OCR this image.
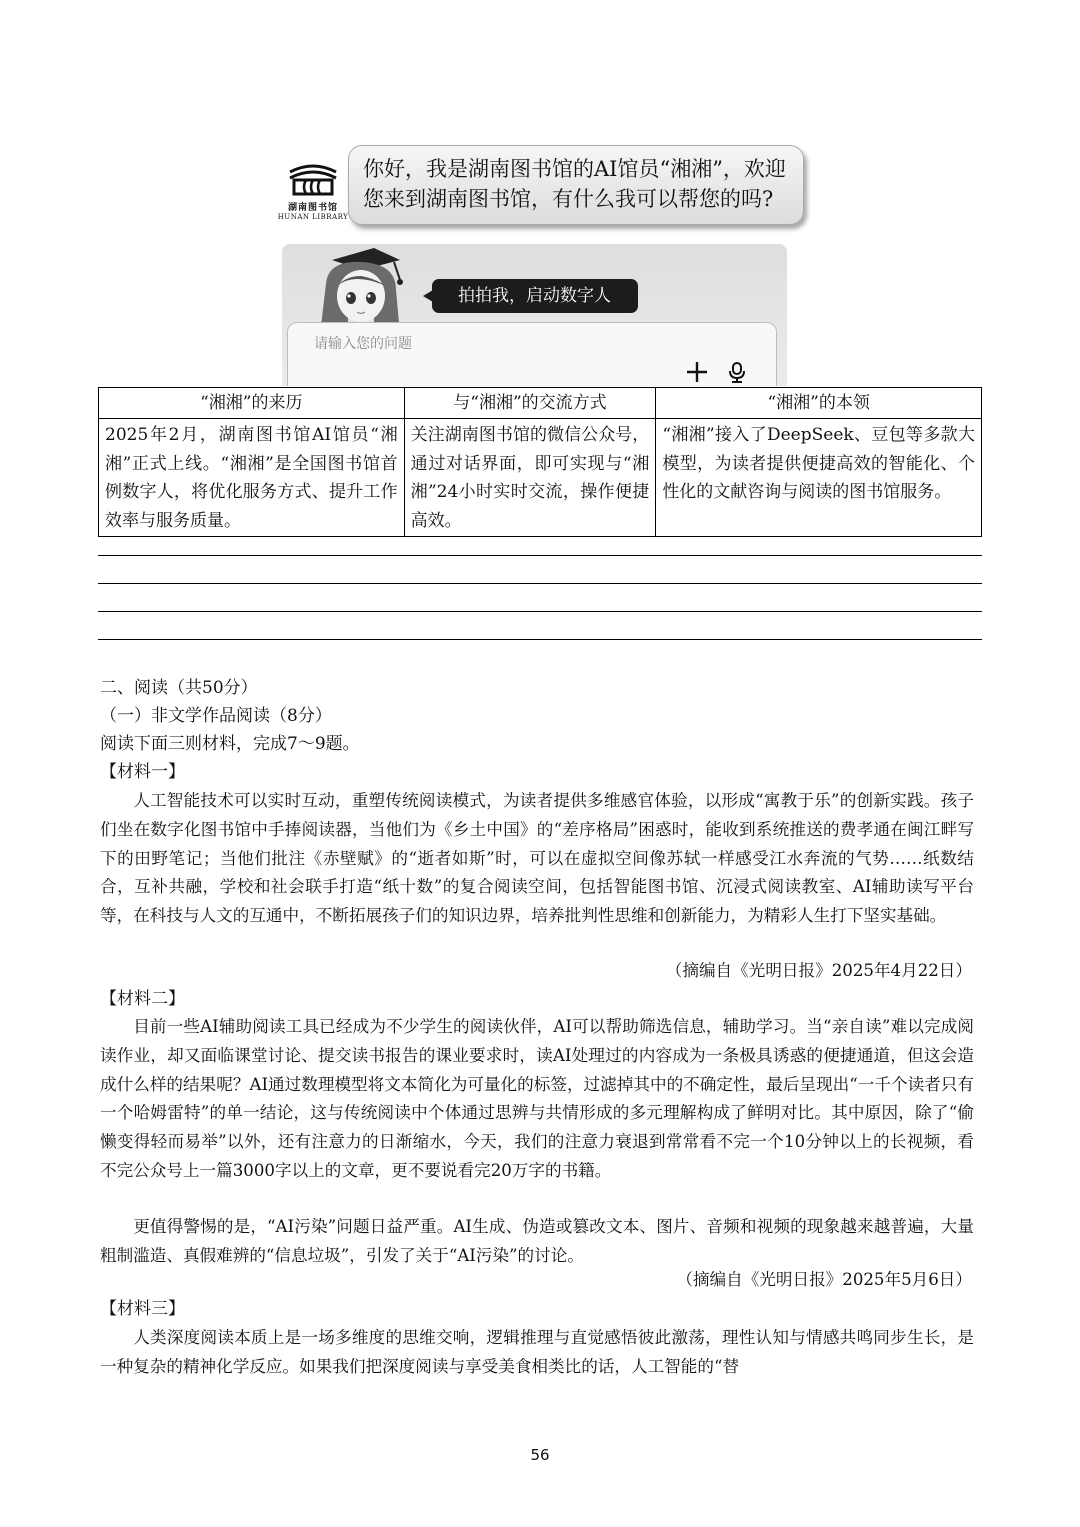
湖南图书馆
HUNAN LIBRARY
你好，我是湖南图书馆的AI馆员“湘湘”，欢迎您来到湖南图书馆，有什么我可以帮您的吗?
拍拍我，启动数字人
请输入您的问题
“湘湘”的来历	与“湘湘”的交流方式	“湘湘”的本领
2025年2月，湖南图书馆AI馆员“湘湘”正式上线。“湘湘”是全国图书馆首例数字人，将优化服务方式、提升工作效率与服务质量。	关注湖南图书馆的微信公众号，通过对话界面，即可实现与“湘湘”24小时实时交流，操作便捷高效。	“湘湘”接入了DeepSeek、豆包等多款大模型，为读者提供便捷高效的智能化、个性化的文献咨询与阅读的图书馆服务。
二、阅读（共50分）
（一）非文学作品阅读（8分）
阅读下面三则材料，完成7～9题。
【材料一】
人工智能技术可以实时互动，重塑传统阅读模式，为读者提供多维感官体验，以形成“寓教于乐”的创新实践。孩子们坐在数字化图书馆中手捧阅读器，当他们为《乡土中国》的“差序格局”困惑时，能收到系统推送的费孝通在闽江畔写下的田野笔记；当他们批注《赤壁赋》的“逝者如斯”时，可以在虚拟空间像苏轼一样感受江水奔流的气势……纸数结合，互补共融，学校和社会联手打造“纸十数”的复合阅读空间，包括智能图书馆、沉浸式阅读教室、AI辅助读写平台等，在科技与人文的互通中，不断拓展孩子们的知识边界，培养批判性思维和创新能力，为精彩人生打下坚实基础。
（摘编自《光明日报》2025年4月22日）
【材料二】
目前一些AI辅助阅读工具已经成为不少学生的阅读伙伴，AI可以帮助筛选信息，辅助学习。当“亲自读”难以完成阅读作业，却又面临课堂讨论、提交读书报告的课业要求时，读AI处理过的内容成为一条极具诱惑的便捷通道，但这会造成什么样的结果呢？AI通过数理模型将文本简化为可量化的标签，过滤掉其中的不确定性，最后呈现出“一千个读者只有一个哈姆雷特”的单一结论，这与传统阅读中个体通过思辨与共情形成的多元理解构成了鲜明对比。其中原因，除了“偷懒变得轻而易举”以外，还有注意力的日渐缩水，今天，我们的注意力衰退到常常看不完一个10分钟以上的长视频，看不完公众号上一篇3000字以上的文章，更不要说看完20万字的书籍。
更值得警惕的是，“AI污染”问题日益严重。AI生成、伪造或篡改文本、图片、音频和视频的现象越来越普遍，大量粗制滥造、真假难辨的“信息垃圾”，引发了关于“AI污染”的讨论。
（摘编自《光明日报》2025年5月6日）
【材料三】
人类深度阅读本质上是一场多维度的思维交响，逻辑推理与直觉感悟彼此激荡，理性认知与情感共鸣同步生长，是一种复杂的精神化学反应。如果我们把深度阅读与享受美食相类比的话，人工智能的“替
56
